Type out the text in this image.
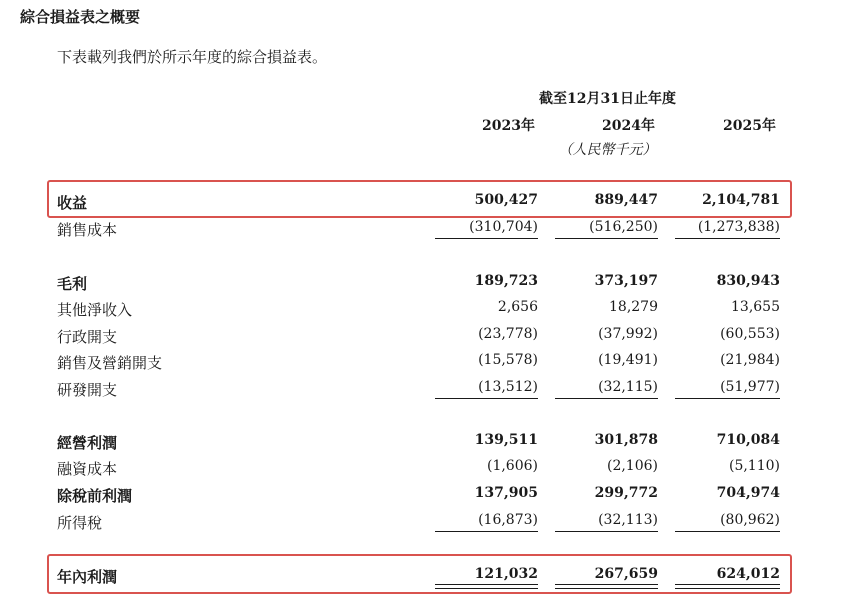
綜合損益表之概要
下表載列我們於所示年度的綜合損益表。
截至12月31日止年度
2023年	2024年	2025年
（人民幣千元）
收益	500,427	889,447	2,104,781
銷售成本	(310,704)	(516,250)	(1,273,838)
毛利	189,723	373,197	830,943
其他淨收入	2,656	18,279	13,655
行政開支	(23,778)	(37,992)	(60,553)
銷售及營銷開支	(15,578)	(19,491)	(21,984)
研發開支	(13,512)	(32,115)	(51,977)
經營利潤	139,511	301,878	710,084
融資成本	(1,606)	(2,106)	(5,110)
除稅前利潤	137,905	299,772	704,974
所得稅	(16,873)	(32,113)	(80,962)
年內利潤	121,032	267,659	624,012
